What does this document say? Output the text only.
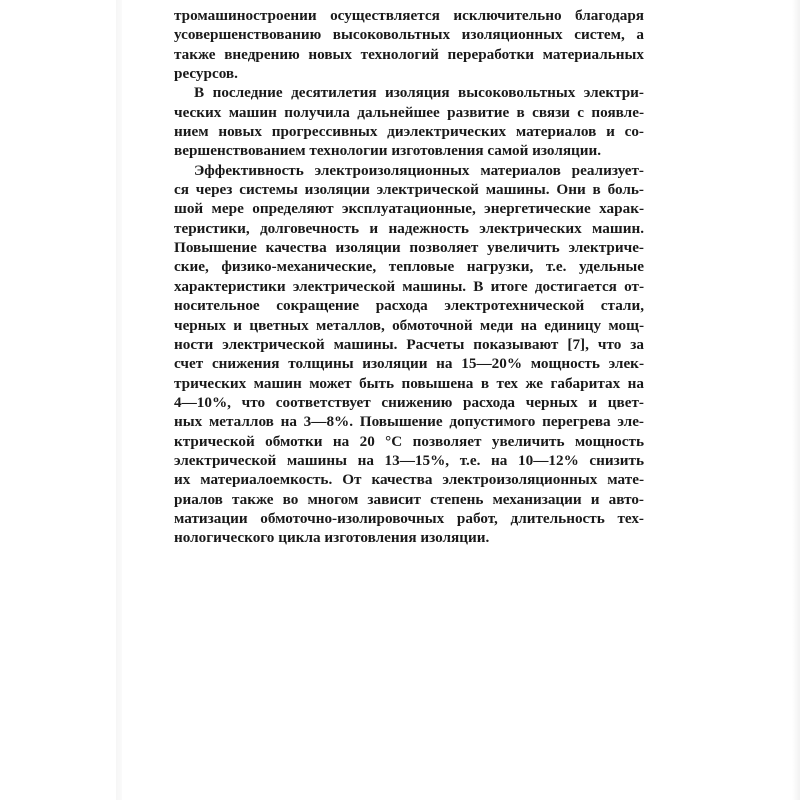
тромашиностроении осуществляется исключительно благодаря
усовершенствованию высоковольтных изоляционных систем, а
также внедрению новых технологий переработки материальных
ресурсов.
В последние десятилетия изоляция высоковольтных электри-
ческих машин получила дальнейшее развитие в связи с появле-
нием новых прогрессивных диэлектрических материалов и со-
вершенствованием технологии изготовления самой изоляции.
Эффективность электроизоляционных материалов реализует-
ся через системы изоляции электрической машины. Они в боль-
шой мере определяют эксплуатационные, энергетические харак-
теристики, долговечность и надежность электрических машин.
Повышение качества изоляции позволяет увеличить электриче-
ские, физико-механические, тепловые нагрузки, т.е. удельные
характеристики электрической машины. В итоге достигается от-
носительное сокращение расхода электротехнической стали,
черных и цветных металлов, обмоточной меди на единицу мощ-
ности электрической машины. Расчеты показывают [7], что за
счет снижения толщины изоляции на 15—20% мощность элек-
трических машин может быть повышена в тех же габаритах на
4—10%, что соответствует снижению расхода черных и цвет-
ных металлов на 3—8%. Повышение допустимого перегрева эле-
ктрической обмотки на 20 °С позволяет увеличить мощность
электрической машины на 13—15%, т.е. на 10—12% снизить
их материалоемкость. От качества электроизоляционных мате-
риалов также во многом зависит степень механизации и авто-
матизации обмоточно-изолировочных работ, длительность тех-
нологического цикла изготовления изоляции.
